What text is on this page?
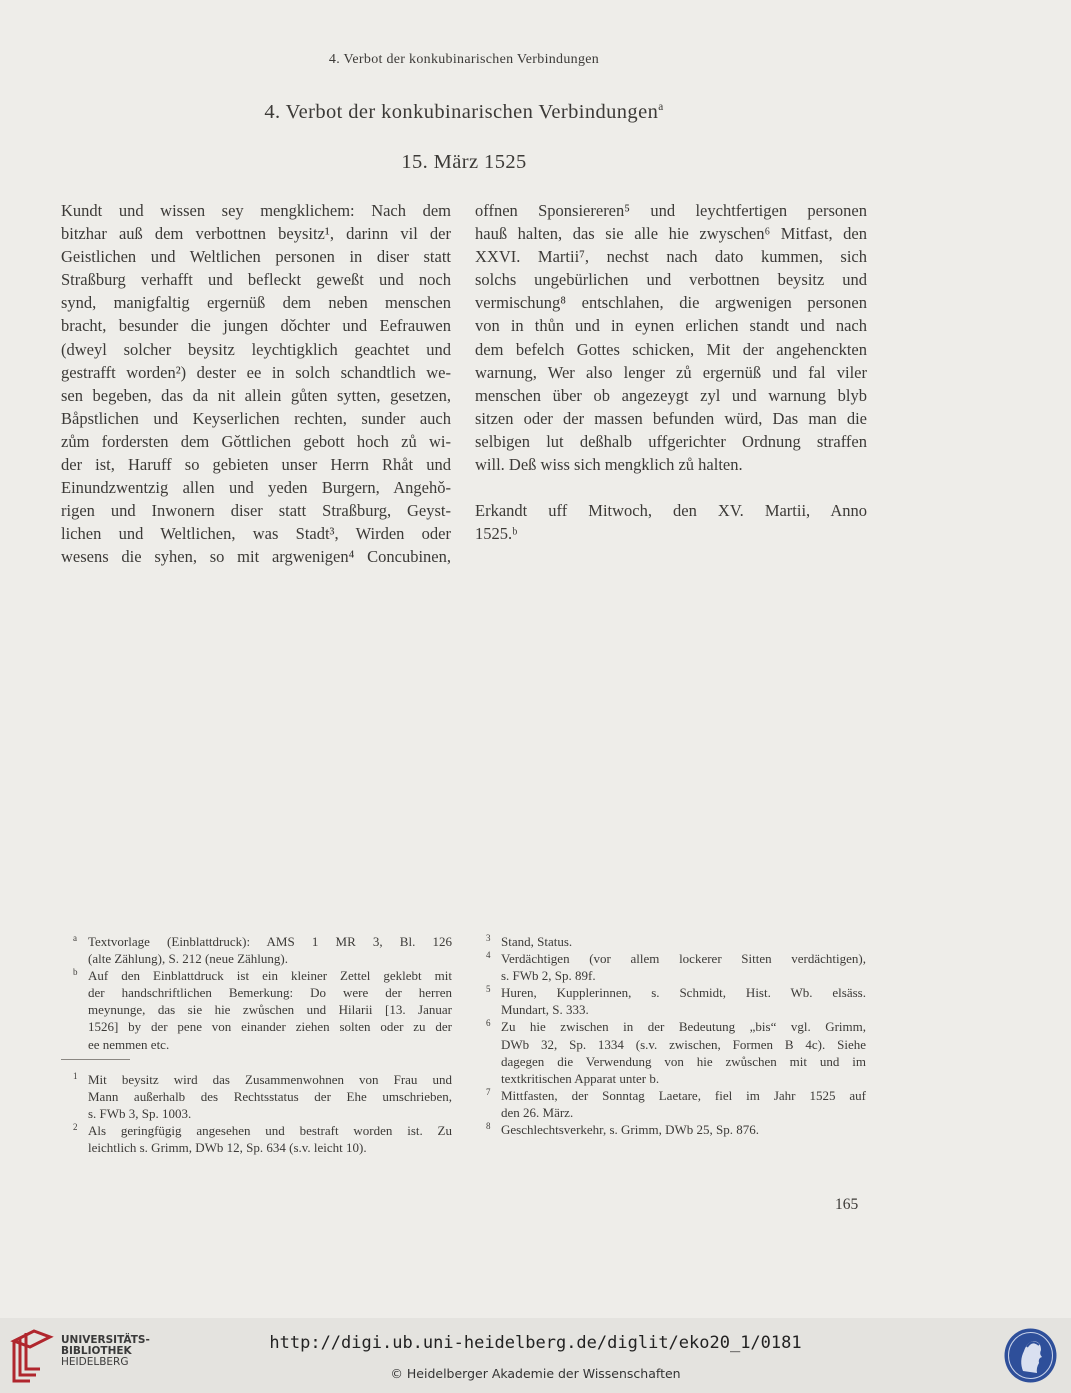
4. Verbot der konkubinarischen Verbindungen
4. Verbot der konkubinarischen Verbindungen$^a$
15. März 1525
Kundt und wissen sey mengklichem: Nach dem
bitzhar auß dem verbottnen beysitz¹, darinn vil der
Geistlichen und Weltlichen personen in diser statt
Straßburg verhafft und befleckt geweßt und noch
synd, manigfaltig ergernüß dem neben menschen
bracht, besunder die jungen dǒchter und Eefrauwen
(dweyl solcher beysitz leychtigklich geachtet und
gestrafft worden²) dester ee in solch schandtlich we-
sen begeben, das da nit allein gůten sytten, gesetzen,
Båpstlichen und Keyserlichen rechten, sunder auch
zům fordersten dem Gǒttlichen gebott hoch zů wi-
der ist, Haruff so gebieten unser Herrn Rhåt und
Einundzwentzig allen und yeden Burgern, Angehǒ-
rigen und Inwonern diser statt Straßburg, Geyst-
lichen und Weltlichen, was Stadt³, Wirden oder
wesens die syhen, so mit argwenigen⁴ Concubinen,
offnen Sponsiereren⁵ und leychtfertigen personen
hauß halten, das sie alle hie zwyschen⁶ Mitfast, den
XXVI. Martii⁷, nechst nach dato kummen, sich
solchs ungebürlichen und verbottnen beysitz und
vermischung⁸ entschlahen, die argwenigen personen
von in thůn und in eynen erlichen standt und nach
dem befelch Gottes schicken, Mit der angehenckten
warnung, Wer also lenger zů ergernüß und fal viler
menschen über ob angezeygt zyl und warnung blyb
sitzen oder der massen befunden würd, Das man die
selbigen lut deßhalb uffgerichter Ordnung straffen
will. Deß wiss sich mengklich zů halten.
Erkandt uff Mitwoch, den XV. Martii, Anno
1525.ᵇ
a Textvorlage (Einblattdruck): AMS 1 MR 3, Bl. 126
(alte Zählung), S. 212 (neue Zählung).
b Auf den Einblattdruck ist ein kleiner Zettel geklebt mit
der handschriftlichen Bemerkung: Do were der herren
meynunge, das sie hie zwůschen und Hilarii [13. Januar
1526] by der pene von einander ziehen solten oder zu der
ee nemmen etc.
1 Mit beysitz wird das Zusammenwohnen von Frau und
Mann außerhalb des Rechtsstatus der Ehe umschrieben,
s. FWb 3, Sp. 1003.
2 Als geringfügig angesehen und bestraft worden ist. Zu
leichtlich s. Grimm, DWb 12, Sp. 634 (s.v. leicht 10).
3 Stand, Status.
4 Verdächtigen (vor allem lockerer Sitten verdächtigen),
s. FWb 2, Sp. 89f.
5 Huren, Kupplerinnen, s. Schmidt, Hist. Wb. elsäss.
Mundart, S. 333.
6 Zu hie zwischen in der Bedeutung „bis“ vgl. Grimm,
DWb 32, Sp. 1334 (s.v. zwischen, Formen B 4c). Siehe
dagegen die Verwendung von hie zwůschen mit und im
textkritischen Apparat unter b.
7 Mittfasten, der Sonntag Laetare, fiel im Jahr 1525 auf
den 26. März.
8 Geschlechtsverkehr, s. Grimm, DWb 25, Sp. 876.
165
UNIVERSITÄTS-
BIBLIOTHEK
HEIDELBERG
http://digi.ub.uni-heidelberg.de/diglit/eko20_1/0181
© Heidelberger Akademie der Wissenschaften
